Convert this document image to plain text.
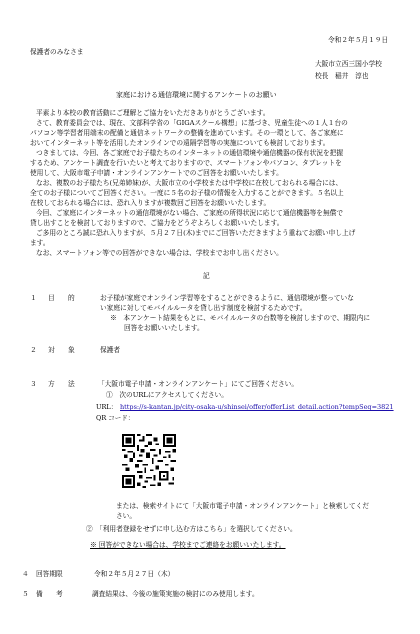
令和２年５月１９日
保護者のみなさま
大阪市立西三国小学校
校長　稲井　淳也
家庭における通信環境に関するアンケートのお願い
平素より本校の教育活動にご理解とご協力をいただきありがとうございます。
さて、教育委員会では、現在、文部科学省の「GIGAスクール構想」に基づき、児童生徒への１人１台の
パソコン等学習者用端末の配備と通信ネットワークの整備を進めています。その一環として、各ご家庭に
おいてインターネット等を活用したオンラインでの遠隔学習等の実施についても検討しております。
つきましては、今回、各ご家庭でお子様たちのインターネットの通信環境や通信機器の保有状況を把握
するため、アンケート調査を行いたいと考えておりますので、スマートフォンやパソコン、タブレットを
使用して、大阪市電子申請・オンラインアンケートでのご回答をお願いいたします。
なお、複数のお子様たち(兄弟姉妹)が、大阪市立の小学校または中学校に在校しておられる場合には、
全てのお子様についてご回答ください。一度に５名のお子様の情報を入力することができます。５名以上
在校しておられる場合には、恐れ入りますが複数回ご回答をお願いいたします。
今回、ご家庭にインターネットの通信環境がない場合、ご家庭の所得状況に応じて通信機器等を無償で
貸し出すことを検討しておりますので、ご協力をどうぞよろしくお願いいたします。
ご多用のところ誠に恐れ入りますが、５月２７日(木)までにご回答いただきますよう重ねてお願い申し上げ
ます。
なお、スマートフォン等での回答ができない場合は、学校までお申し出ください。
記
１ 目　　的	お子様が家庭でオンライン学習等をすることができるように、通信環境が整っていな
い家庭に対してモバイルルータを貸し出す制度を検討するためです。
※　本アンケート結果をもとに、モバイルルータの台数等を検討しますので、期限内に
回答をお願いいたします。
２ 対　　象	保護者
３ 方　　法	「大阪市電子申請・オンラインアンケート」にてご回答ください。
①　次のURLにアクセスしてください。
URL： https://s-kantan.jp/city-osaka-u/shinsei/offer/offerList_detail.action?tempSeq=3821
QR コード：
または、検索サイトにて「大阪市電子申請・オンラインアンケート」と検索してくだ
さい。
②　「利用者登録をせずに申し込む方はこちら」を選択してください。
※ 回答ができない場合は、学校までご連絡をお願いいたします。
４ 回答期限	令和２年５月２７日（木）
５ 備　　考	調査結果は、今後の施策実施の検討にのみ使用します。
